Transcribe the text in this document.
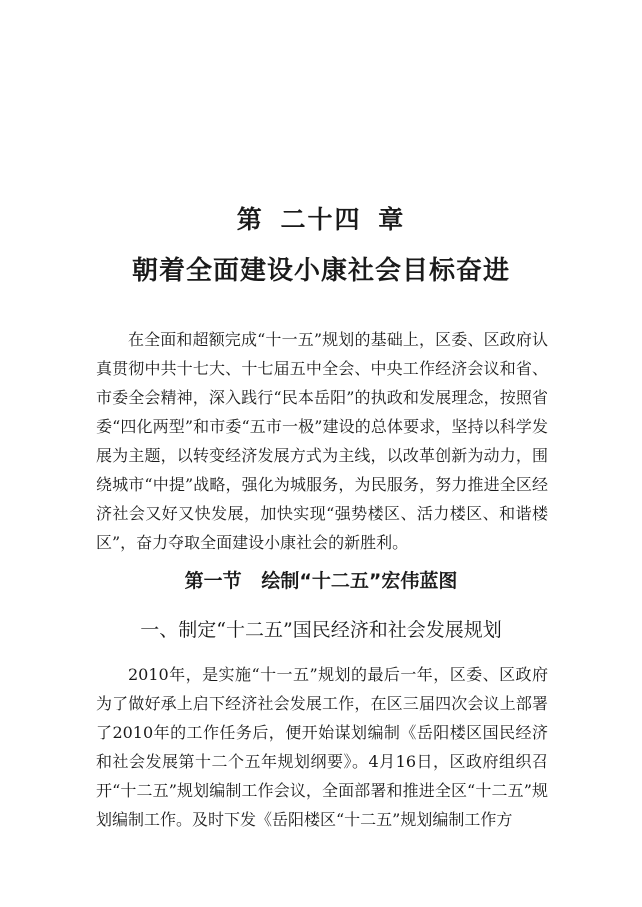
第 二十四 章
朝着全面建设小康社会目标奋进

在全面和超额完成“十一五”规划的基础上，区委、区政府认真贯彻中共十七大、十七届五中全会、中央工作经济会议和省、市委全会精神，深入践行“民本岳阳”的执政和发展理念，按照省委“四化两型”和市委“五市一极”建设的总体要求，坚持以科学发展为主题，以转变经济发展方式为主线，以改革创新为动力，围绕城市“中提”战略，强化为城服务，为民服务，努力推进全区经济社会又好又快发展，加快实现“强势楼区、活力楼区、和谐楼区”，奋力夺取全面建设小康社会的新胜利。

第一节   绘制“十二五”宏伟蓝图
一、制定“十二五”国民经济和社会发展规划

2010年，是实施“十一五”规划的最后一年，区委、区政府为了做好承上启下经济社会发展工作，在区三届四次会议上部署了2010年的工作任务后，便开始谋划编制《岳阳楼区国民经济和社会发展第十二个五年规划纲要》。4月16日，区政府组织召开“十二五”规划编制工作会议，全面部署和推进全区“十二五”规划编制工作。及时下发《岳阳楼区“十二五”规划编制工作方
